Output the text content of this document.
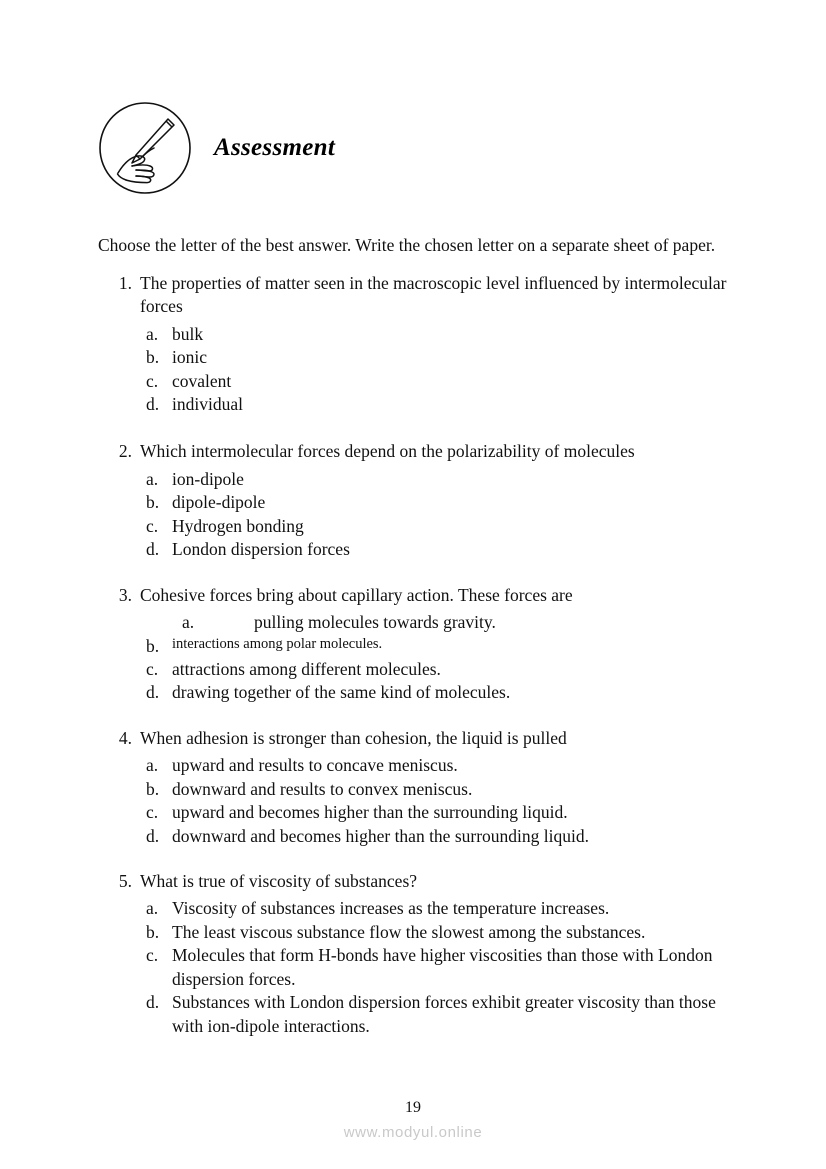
Assessment
Choose the letter of the best answer. Write the chosen letter on a separate sheet of paper.
1. The properties of matter seen in the macroscopic level influenced by intermolecular forces
a. bulk
b. ionic
c. covalent
d. individual
2. Which intermolecular forces depend on the polarizability of molecules
a. ion-dipole
b. dipole-dipole
c. Hydrogen bonding
d. London dispersion forces
3. Cohesive forces bring about capillary action. These forces are
a.	pulling molecules towards gravity.
b. interactions among polar molecules.
c. attractions among different molecules.
d. drawing together of the same kind of molecules.
4. When adhesion is stronger than cohesion, the liquid is pulled
a. upward and results to concave meniscus.
b. downward and results to convex meniscus.
c. upward and becomes higher than the surrounding liquid.
d. downward and becomes higher than the surrounding liquid.
5. What is true of viscosity of substances?
a. Viscosity of substances increases as the temperature increases.
b. The least viscous substance flow the slowest among the substances.
c. Molecules that form H-bonds have higher viscosities than those with London dispersion forces.
d. Substances with London dispersion forces exhibit greater viscosity than those with ion-dipole interactions.
19
www.modyul.online
